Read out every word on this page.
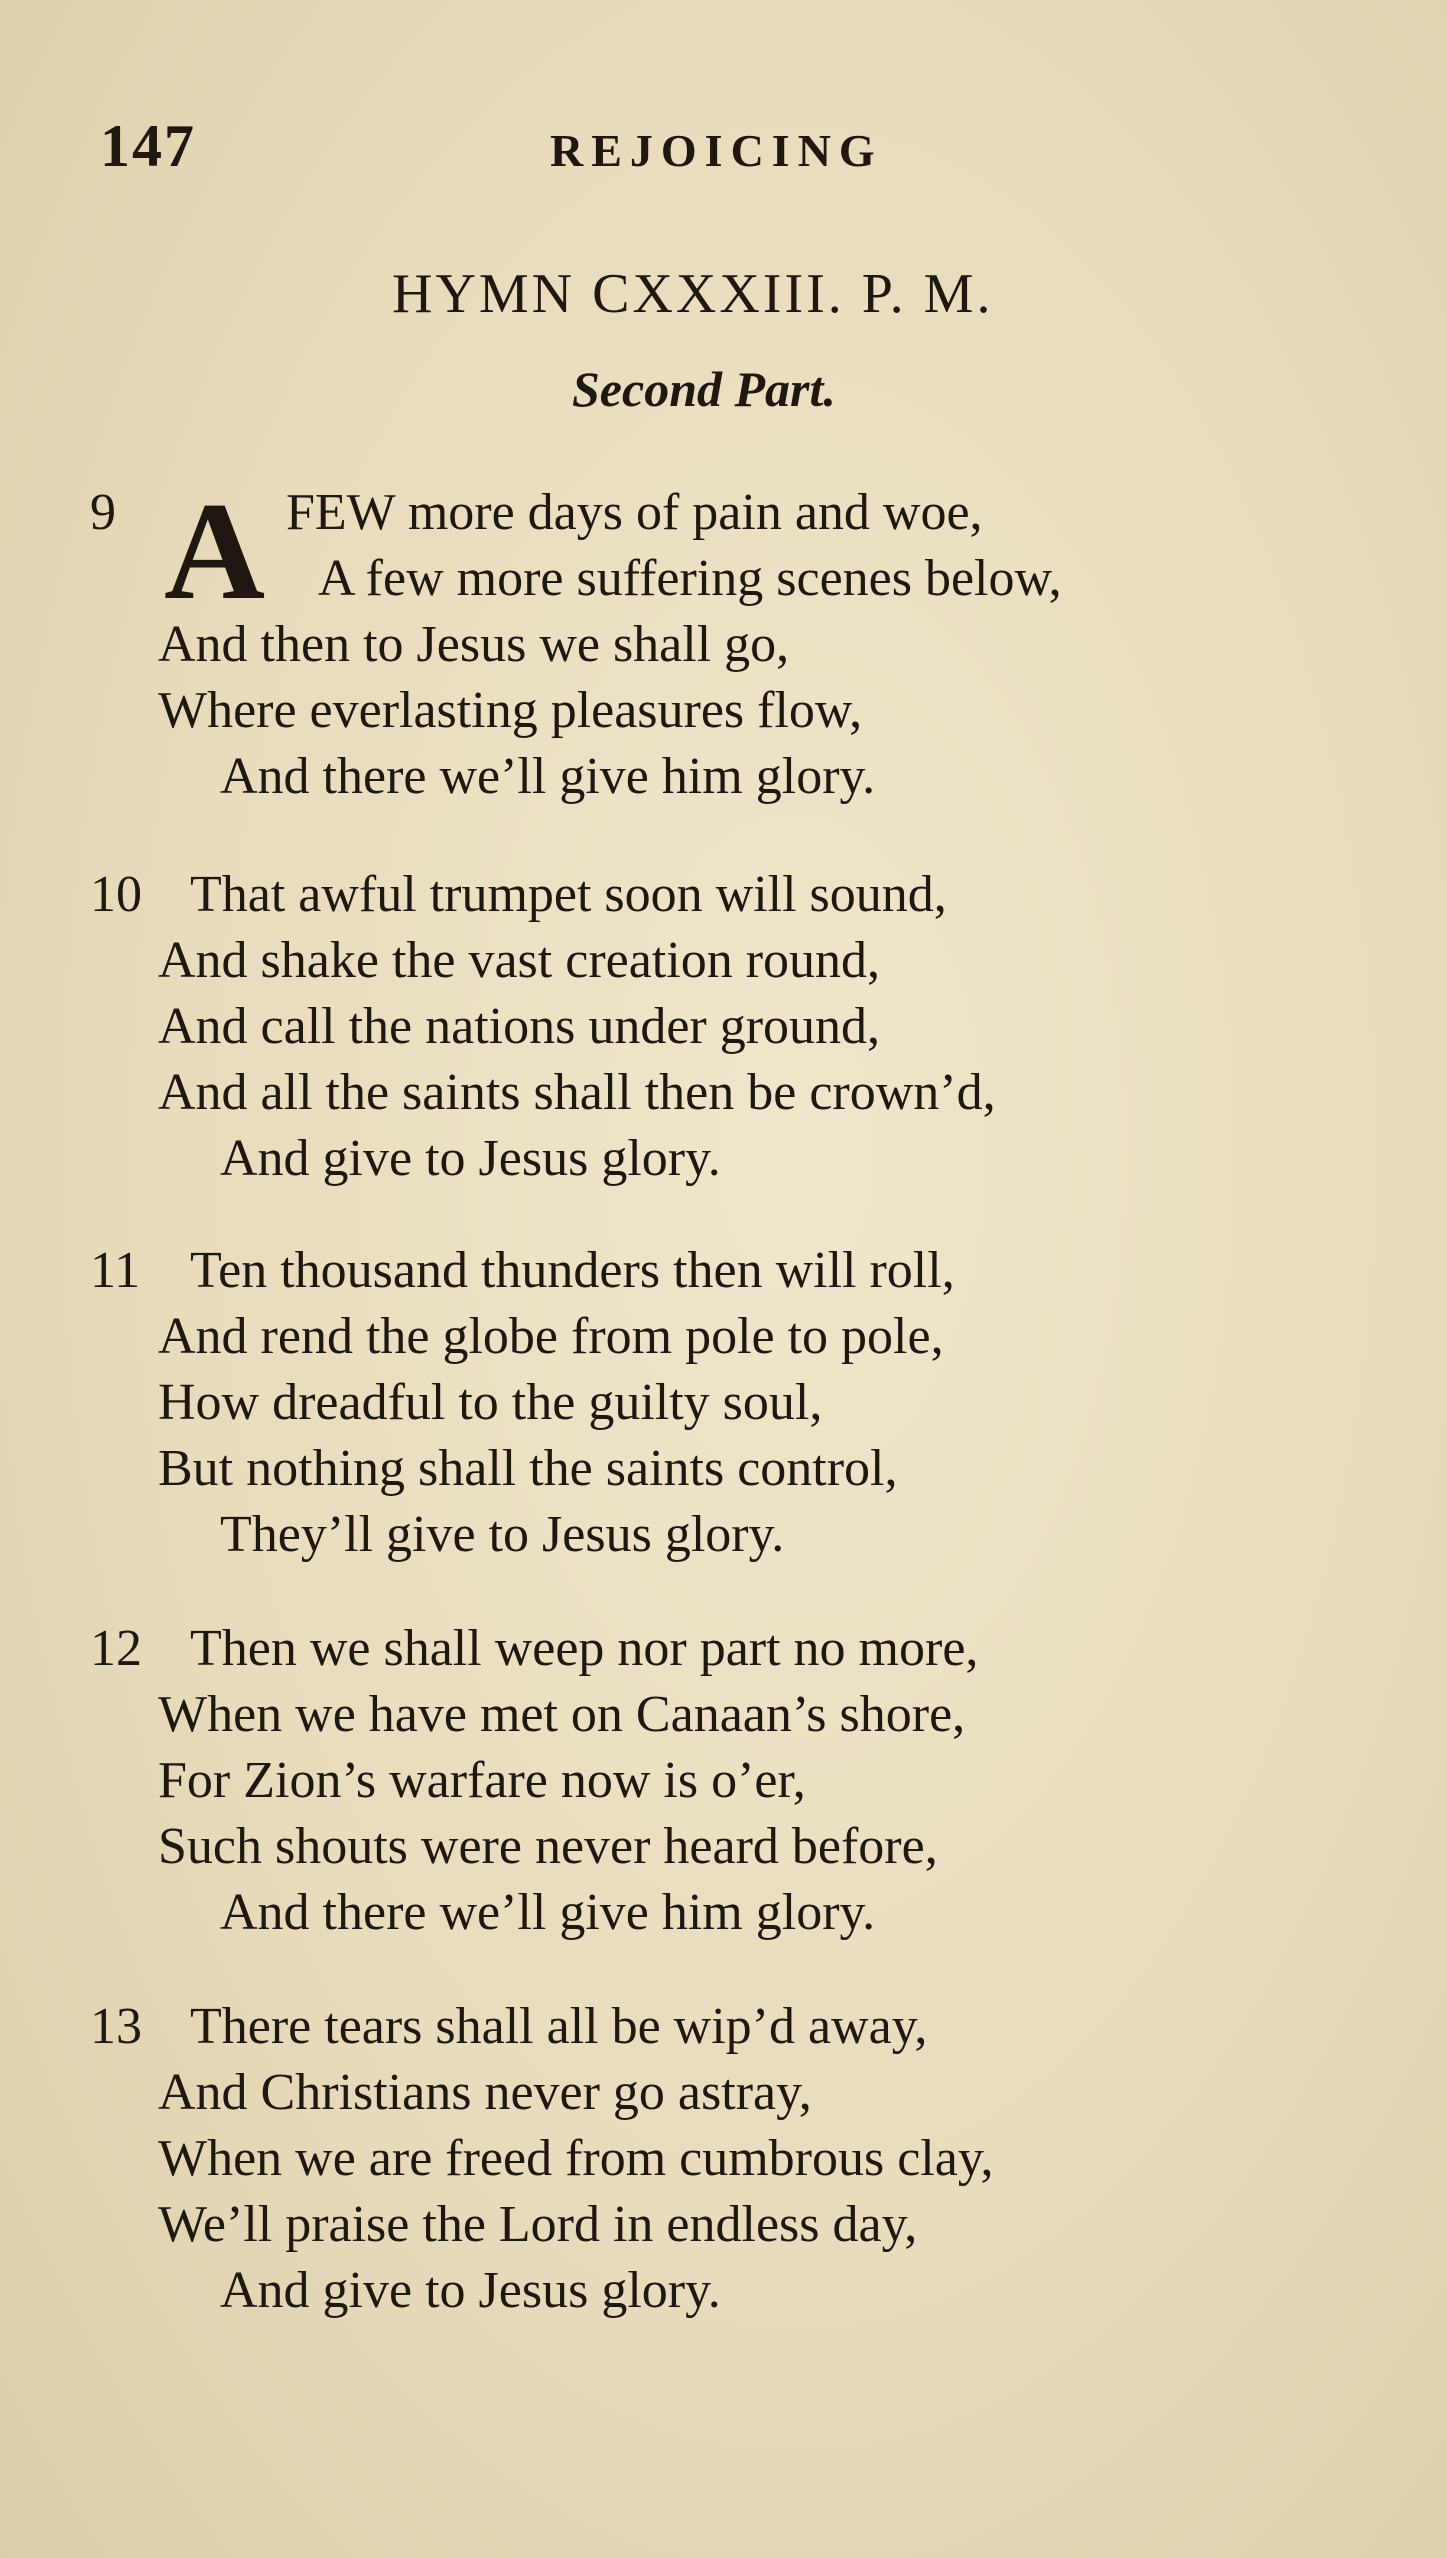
147	REJOICING
HYMN CXXXIII. P. M.
Second Part.
A
9	FEW more days of pain and woe,
A few more suffering scenes below,
And then to Jesus we shall go,
Where everlasting pleasures flow,
And there we’ll give him glory.
10 That awful trumpet soon will sound,
And shake the vast creation round,
And call the nations under ground,
And all the saints shall then be crown’d,
And give to Jesus glory.
11 Ten thousand thunders then will roll,
And rend the globe from pole to pole,
How dreadful to the guilty soul,
But nothing shall the saints control,
They’ll give to Jesus glory.
12 Then we shall weep nor part no more,
When we have met on Canaan’s shore,
For Zion’s warfare now is o’er,
Such shouts were never heard before,
And there we’ll give him glory.
13 There tears shall all be wip’d away,
And Christians never go astray,
When we are freed from cumbrous clay,
We’ll praise the Lord in endless day,
And give to Jesus glory.
